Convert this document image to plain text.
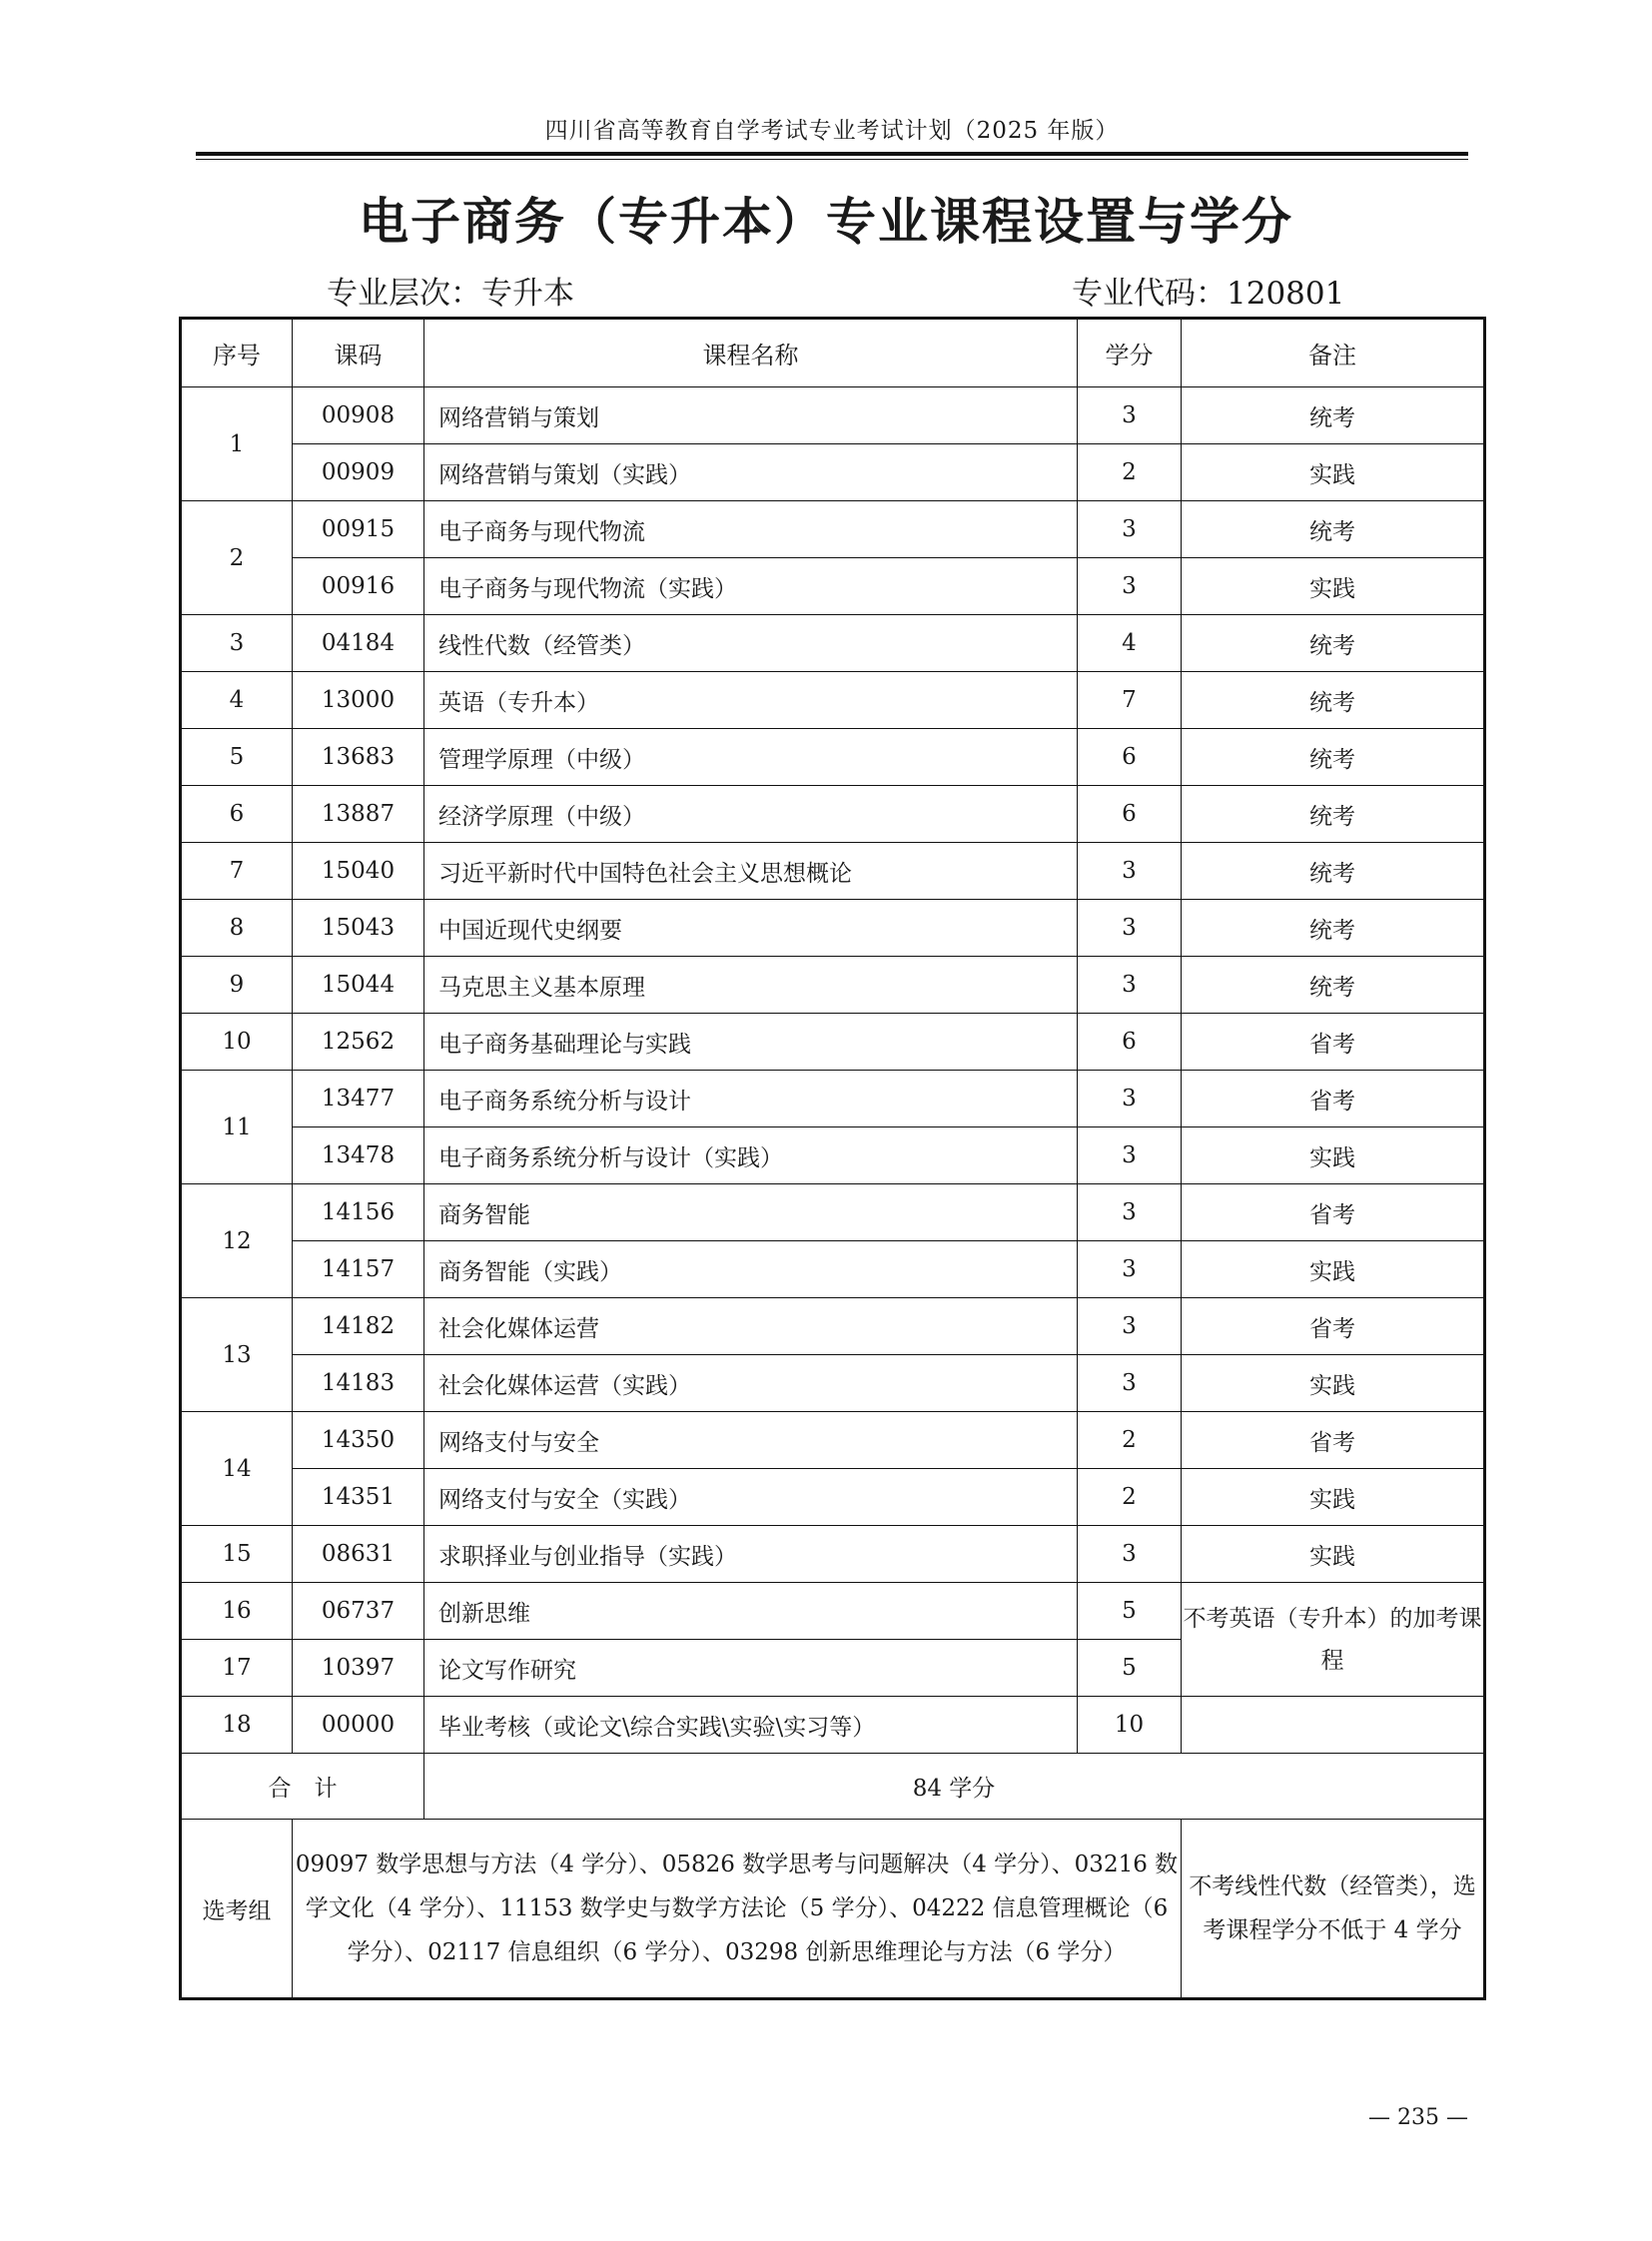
四川省高等教育自学考试专业考试计划（2025 年版）
电子商务（专升本）专业课程设置与学分
专业层次：专升本	专业代码：120801
序号	课码	课程名称	学分	备注
1	00908	网络营销与策划	3	统考
	00909	网络营销与策划（实践）	2	实践
2	00915	电子商务与现代物流	3	统考
	00916	电子商务与现代物流（实践）	3	实践
3	04184	线性代数（经管类）	4	统考
4	13000	英语（专升本）	7	统考
5	13683	管理学原理（中级）	6	统考
6	13887	经济学原理（中级）	6	统考
7	15040	习近平新时代中国特色社会主义思想概论	3	统考
8	15043	中国近现代史纲要	3	统考
9	15044	马克思主义基本原理	3	统考
10	12562	电子商务基础理论与实践	6	省考
11	13477	电子商务系统分析与设计	3	省考
	13478	电子商务系统分析与设计（实践）	3	实践
12	14156	商务智能	3	省考
	14157	商务智能（实践）	3	实践
13	14182	社会化媒体运营	3	省考
	14183	社会化媒体运营（实践）	3	实践
14	14350	网络支付与安全	2	省考
	14351	网络支付与安全（实践）	2	实践
15	08631	求职择业与创业指导（实践）	3	实践
16	06737	创新思维	5	不考英语（专升本）的加考课程
17	10397	论文写作研究	5	
18	00000	毕业考核（或论文\综合实践\实验\实习等）	10	
合　计		84 学分		
选考组	09097 数学思想与方法（4 学分）、05826 数学思考与问题解决（4 学分）、03216 数学文化（4 学分）、11153 数学史与数学方法论（5 学分）、04222 信息管理概论（6 学分）、02117 信息组织（6 学分）、03298 创新思维理论与方法（6 学分）			不考线性代数（经管类），选考课程学分不低于 4 学分
— 235 —
